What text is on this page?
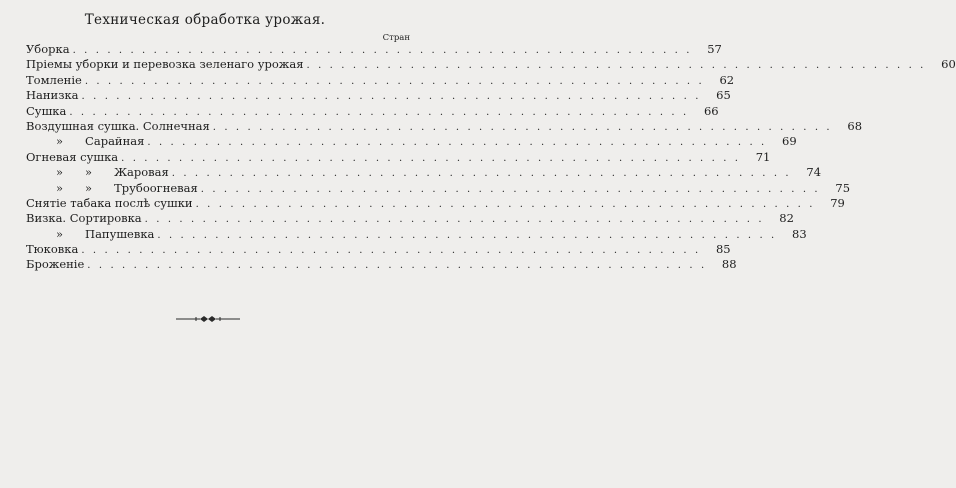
Техническая обработка урожая.
Стран
Уборка ...................................................... 57
Пріемы уборки и перевозка зеленаго урожая ...................................................... 60
Томленіе ...................................................... 62
Нанизка ...................................................... 65
Сушка ...................................................... 66
Воздушная сушка. Солнечная ...................................................... 68
» Сарайная ...................................................... 69
Огневая сушка ...................................................... 71
» » Жаровая ...................................................... 74
» » Трубоогневая ...................................................... 75
Снятіе табака послѣ сушки ...................................................... 79
Визка. Сортировка ...................................................... 82
» Папушевка ...................................................... 83
Тюковка ...................................................... 85
Броженіе ...................................................... 88
